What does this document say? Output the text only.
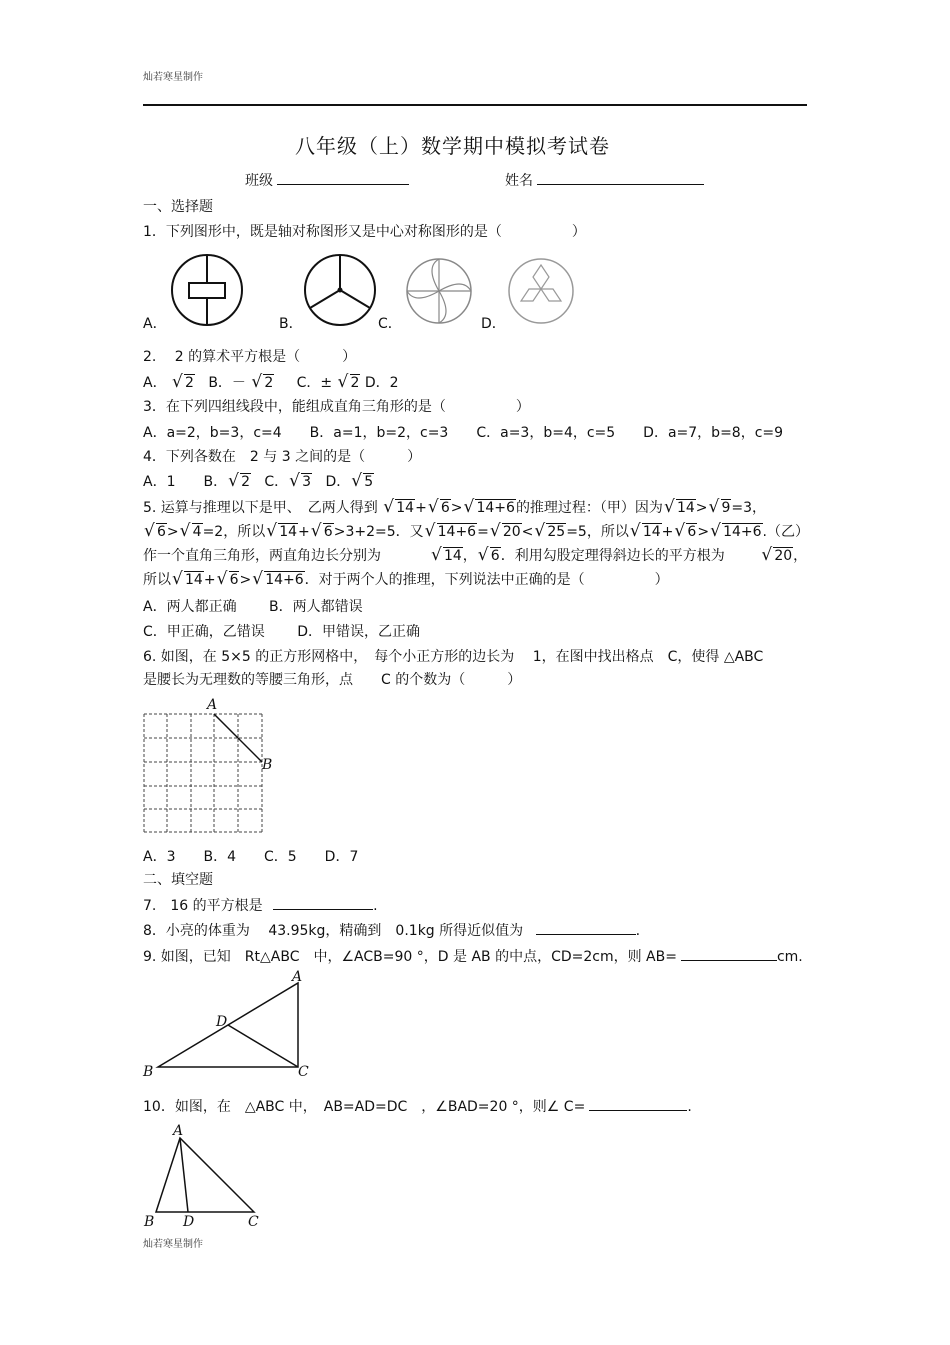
灿若寒星制作
八年级（上）数学期中模拟考试卷
班级	姓名
一、选择题
1．下列图形中，既是轴对称图形又是中心对称图形的是（　　　　　）
A．	B．	C．	D．
2.　 2 的算术平方根是（　　　）
A． √ 2 B．－ √ 2 C．± √ 2 D．2
3．在下列四组线段中，能组成直角三角形的是（　　　　　）
A．a=2，b=3，c=4　　B．a=1，b=2，c=3　　C．a=3，b=4，c=5　　D．a=7，b=8，c=9
4．下列各数在　2 与 3 之间的是（　　　）
A．1　　B． √ 2 C． √ 3 D． √ 5
5. 运算与推理以下是甲、　乙两人得到 √ 14+ √ 6> √ 14+6的推理过程：（甲）因为 √ 14> √ 9=3，
√ 6> √ 4=2，所以 √ 14+ √ 6>3+2=5．又 √ 14+6= √ 20< √ 25=5，所以 √ 14+ √ 6> √ 14+6.（乙）
作一个直角三角形，两直角边长分别为	√ 14， √ 6．利用勾股定理得斜边长的平方根为	√ 20，
所以 √ 14+ √ 6> √ 14+6．对于两个人的推理，下列说法中正确的是（　　　　　）
A．两人都正确　　 B．两人都错误
C．甲正确，乙错误　　 D．甲错误，乙正确
6. 如图，在 5×5 的正方形网格中，　每个小正方形的边长为　 1，在图中找出格点　C，使得 △ABC
是腰长为无理数的等腰三角形，点　　C 的个数为（　　　）
A
B
A．3　　B．4　　C．5　　D．7
二、填空题
7.　16 的平方根是	.
8．小亮的体重为　 43.95kg，精确到　0.1kg 所得近似值为	.
9. 如图，已知　Rt△ABC　中，∠ACB=90 °，D 是 AB 的中点，CD=2cm，则 AB=	cm.
A
B	C
D
10．如图，在　△ABC 中，　AB=AD=DC　，∠BAD=20 °，则∠ C=	.
A
B	C
D
灿若寒星制作
